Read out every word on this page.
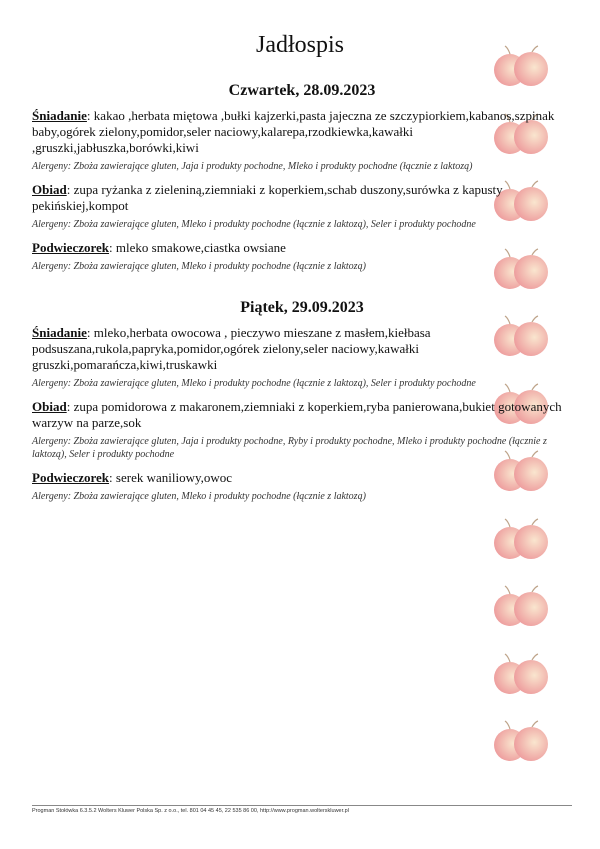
Jadłospis
Czwartek, 28.09.2023
Śniadanie: kakao ,herbata miętowa ,bułki kajzerki,pasta jajeczna ze szczypiorkiem,kabanos,szpinak baby,ogórek zielony,pomidor,seler naciowy,kalarepa,rzodkiewka,kawałki ,gruszki,jabłuszka,borówki,kiwi
Alergeny: Zboża zawierające gluten, Jaja i produkty pochodne, Mleko i produkty pochodne (łącznie z laktozą)
Obiad: zupa ryżanka z zieleniną,ziemniaki z koperkiem,schab duszony,surówka z kapusty pekińskiej,kompot
Alergeny: Zboża zawierające gluten, Mleko i produkty pochodne (łącznie z laktozą), Seler i produkty pochodne
Podwieczorek: mleko smakowe,ciastka owsiane
Alergeny: Zboża zawierające gluten, Mleko i produkty pochodne (łącznie z laktozą)
Piątek, 29.09.2023
Śniadanie: mleko,herbata owocowa , pieczywo mieszane z masłem,kiełbasa podsuszana,rukola,papryka,pomidor,ogórek zielony,seler naciowy,kawałki gruszki,pomarańcza,kiwi,truskawki
Alergeny: Zboża zawierające gluten, Mleko i produkty pochodne (łącznie z laktozą), Seler i produkty pochodne
Obiad: zupa pomidorowa z makaronem,ziemniaki z koperkiem,ryba panierowana,bukiet gotowanych warzyw na parze,sok
Alergeny: Zboża zawierające gluten, Jaja i produkty pochodne, Ryby i produkty pochodne, Mleko i produkty pochodne (łącznie z laktozą), Seler i produkty pochodne
Podwieczorek: serek waniliowy,owoc
Alergeny: Zboża zawierające gluten, Mleko i produkty pochodne (łącznie z laktozą)
Progman Stołówka 6.3.5.2 Wolters Kluwer Polska Sp. z o.o., tel. 801 04 45 45, 22 535 86 00, http://www.progman.wolterskluwer.pl
